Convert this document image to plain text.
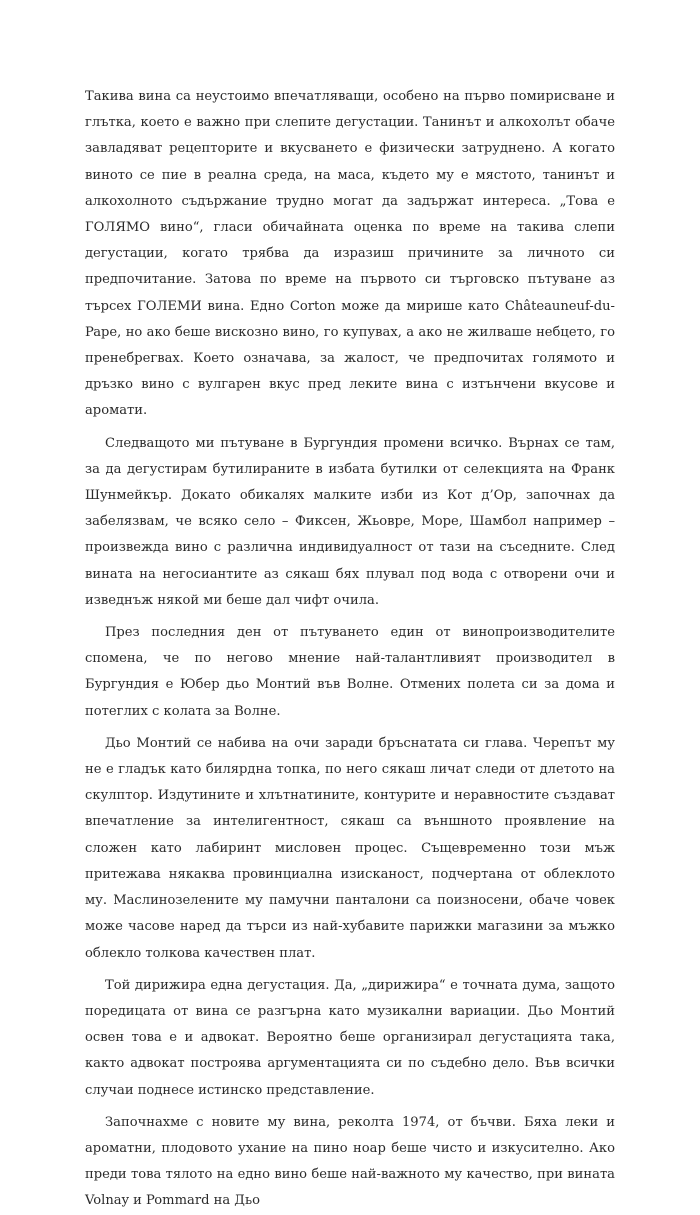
Такива вина са неустоимо впечатляващи, особено на първо помирисване и глътка, което е важно при слепите дегустации. Танинът и алкохолът обаче завладяват рецепторите и вкусването е физически затруднено. А когато виното се пие в реална среда, на маса, където му е мястото, танинът и алкохолното съдържание трудно могат да задържат интереса. „Това е ГОЛЯМО вино“, гласи обичайната оценка по време на такива слепи дегустации, когато трябва да изразиш причините за личното си предпочитание. Затова по време на първото си търговско пътуване аз търсех ГОЛЕМИ вина. Едно Corton може да мирише като Châteauneuf-du-Pape, но ако беше вискозно вино, го купувах, а ако не жилваше небцето, го пренебрегвах. Което означава, за жалост, че предпочитах голямото и дръзко вино с вулгарен вкус пред леките вина с изтънчени вкусове и аромати.

Следващото ми пътуване в Бургундия промени всичко. Върнах се там, за да дегустирам бутилираните в избата бутилки от селекцията на Франк Шунмейкър. Докато обикалях малките изби из Кот д’Ор, започнах да забелязвам, че всяко село – Фиксен, Жьовре, Море, Шамбол например – произвежда вино с различна индивидуалност от тази на съседните. След вината на негосиантите аз сякаш бях плувал под вода с отворени очи и изведнъж някой ми беше дал чифт очила.

През последния ден от пътуването един от винопроизводителите спомена, че по негово мнение най-талантливият производител в Бургундия е Юбер дьо Монтий във Волне. Отмених полета си за дома и потеглих с колата за Волне.

Дьо Монтий се набива на очи заради бръснатата си глава. Черепът му не е гладък като билярдна топка, по него сякаш личат следи от длетото на скулптор. Издутините и хлътнатините, контурите и неравностите създават впечатление за интелигентност, сякаш са външното проявление на сложен като лабиринт мисловен процес. Същевременно този мъж притежава някаква провинциална изисканост, подчертана от облеклото му. Маслинозелените му памучни панталони са поизносени, обаче човек може часове наред да търси из най-хубавите парижки магазини за мъжко облекло толкова качествен плат.

Той дирижира една дегустация. Да, „дирижира“ е точната дума, защото поредицата от вина се разгърна като музикални вариации. Дьо Монтий освен това е и адвокат. Вероятно беше организирал дегустацията така, както адвокат построява аргументацията си по съдебно дело. Във всички случаи поднесе истинско представление.

Започнахме с новите му вина, реколта 1974, от бъчви. Бяха леки и ароматни, плодовото ухание на пино ноар беше чисто и изкусително. Ако преди това тялото на едно вино беше най-важното му качество, при вината Volnay и Pommard на Дьо
